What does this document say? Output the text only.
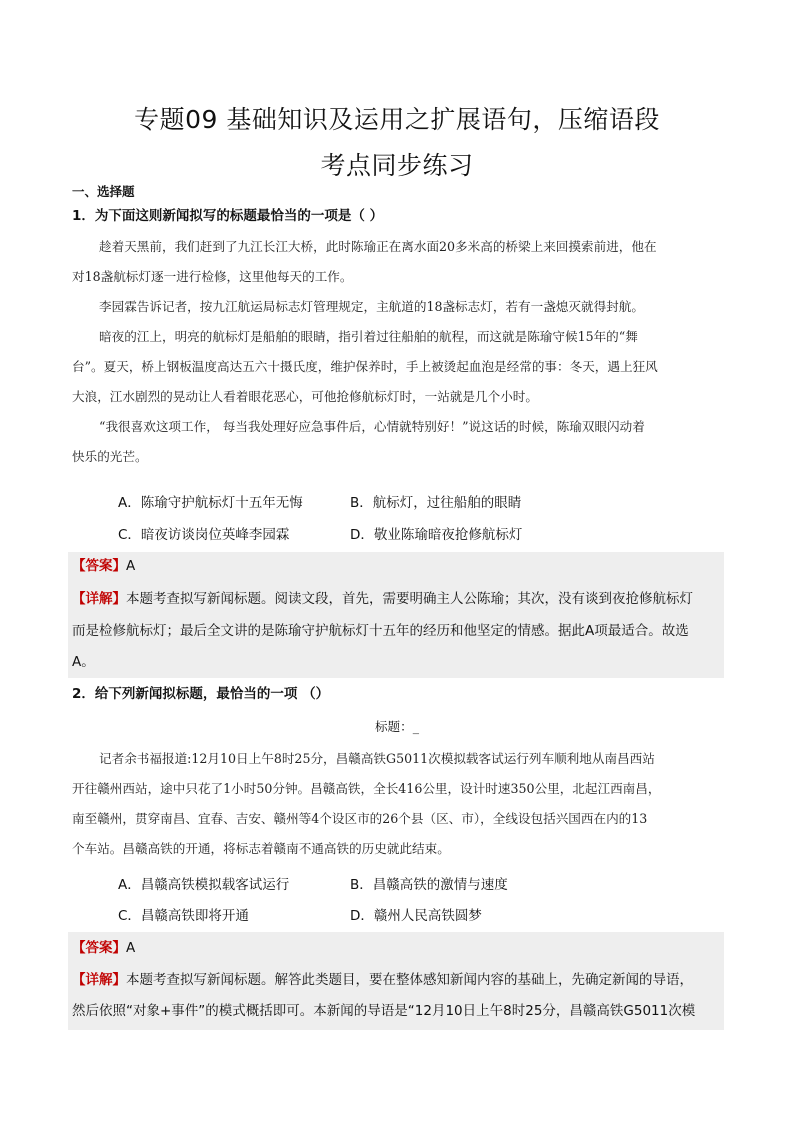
专题09 基础知识及运用之扩展语句，压缩语段
考点同步练习
一、选择题
1．为下面这则新闻拟写的标题最恰当的一项是（ ）
趁着天黑前，我们赶到了九江长江大桥，此时陈瑜正在离水面20多米高的桥梁上来回摸索前进，他在
对18盏航标灯逐一进行检修，这里他每天的工作。
李园霖告诉记者，按九江航运局标志灯管理规定，主航道的18盏标志灯，若有一盏熄灭就得封航。
暗夜的江上，明亮的航标灯是船舶的眼睛，指引着过往船舶的航程，而这就是陈瑜守候15年的“舞
台”。夏天，桥上钢板温度高达五六十摄氏度，维护保养时，手上被烫起血泡是经常的事：冬天，遇上狂风
大浪，江水剧烈的晃动让人看着眼花恶心，可他抢修航标灯时，一站就是几个小时。
“我很喜欢这项工作， 每当我处理好应急事件后，心情就特别好！”说这话的时候，陈瑜双眼闪动着
快乐的光芒。
A．陈瑜守护航标灯十五年无悔	B．航标灯，过往船舶的眼睛
C．暗夜访谈岗位英峰李园霖	D．敬业陈瑜暗夜抢修航标灯
【答案】A
【详解】本题考查拟写新闻标题。阅读文段，首先，需要明确主人公陈瑜；其次，没有谈到夜抢修航标灯
而是检修航标灯；最后全文讲的是陈瑜守护航标灯十五年的经历和他坚定的情感。据此A项最适合。故选
A。
2．给下列新闻拟标题，最恰当的一项 （）
标题：_
记者余书福报道:12月10日上午8时25分，昌赣高铁G5011次模拟载客试运行列车顺利地从南昌西站
开往赣州西站，途中只花了1小时50分钟。昌赣高铁，全长416公里，设计时速350公里，北起江西南昌，
南至赣州，贯穿南昌、宜春、吉安、赣州等4个设区市的26个县（区、市），全线设包括兴国西在内的13
个车站。昌赣高铁的开通，将标志着赣南不通高铁的历史就此结束。
A．昌赣高铁模拟载客试运行	B．昌赣高铁的激情与速度
C．昌赣高铁即将开通	D．赣州人民高铁圆梦
【答案】A
【详解】本题考查拟写新闻标题。解答此类题目，要在整体感知新闻内容的基础上，先确定新闻的导语，
然后依照“对象+事件”的模式概括即可。本新闻的导语是“12月10日上午8时25分，昌赣高铁G5011次模
